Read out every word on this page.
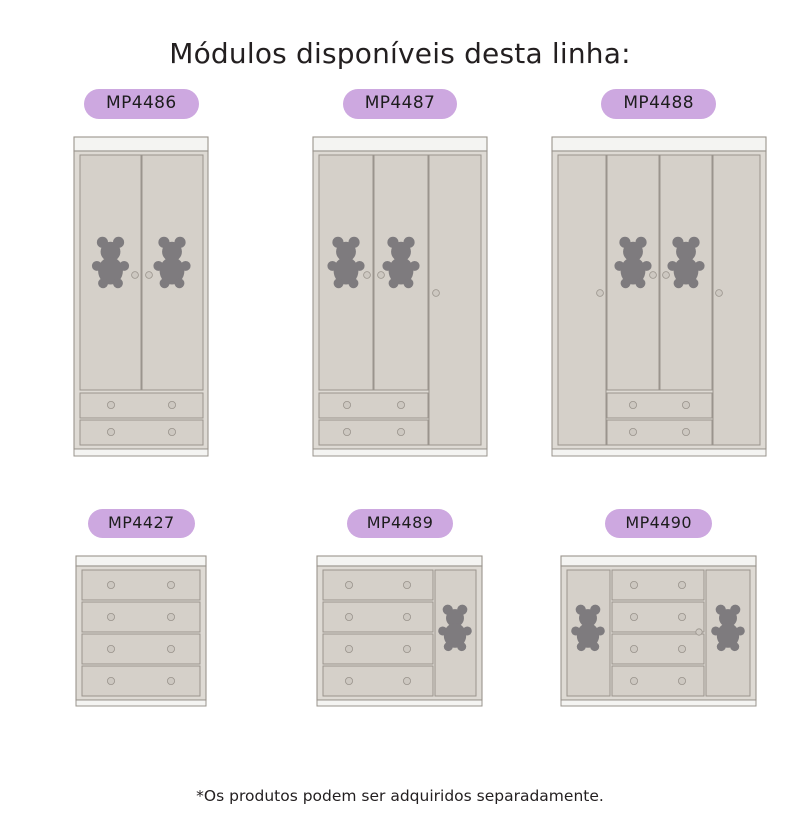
Módulos disponíveis desta linha:
MP4486	MP4487	MP4488
MP4427	MP4489	MP4490
*Os produtos podem ser adquiridos separadamente.
